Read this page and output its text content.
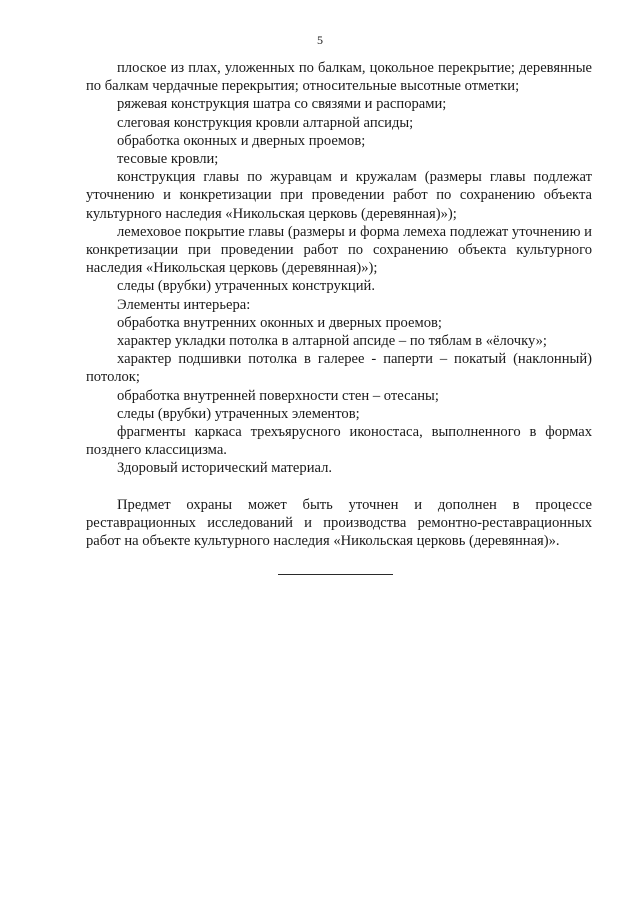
5

плоское из плах, уложенных по балкам, цокольное перекрытие; деревянные по балкам чердачные перекрытия; относительные высотные отметки;

ряжевая конструкция шатра со связями и распорами;

слеговая конструкция кровли алтарной апсиды;

обработка оконных и дверных проемов;

тесовые кровли;

конструкция главы по журавцам и кружалам (размеры главы подлежат уточнению и конкретизации при проведении работ по сохранению объекта культурного наследия «Никольская церковь (деревянная)»);

лемеховое покрытие главы (размеры и форма лемеха подлежат уточнению и конкретизации при проведении работ по сохранению объекта культурного наследия «Никольская церковь (деревянная)»);

следы (врубки) утраченных конструкций.

Элементы интерьера:

обработка внутренних оконных и дверных проемов;

характер укладки потолка в алтарной апсиде – по тяблам в «ёлочку»;

характер подшивки потолка в галерее - паперти – покатый (наклонный) потолок;

обработка внутренней поверхности стен – отесаны;

следы (врубки) утраченных элементов;

фрагменты каркаса трехъярусного иконостаса, выполненного в формах позднего классицизма.

Здоровый исторический материал.

Предмет охраны может быть уточнен и дополнен в процессе реставрационных исследований и производства ремонтно-реставрационных работ на объекте культурного наследия «Никольская церковь (деревянная)».
